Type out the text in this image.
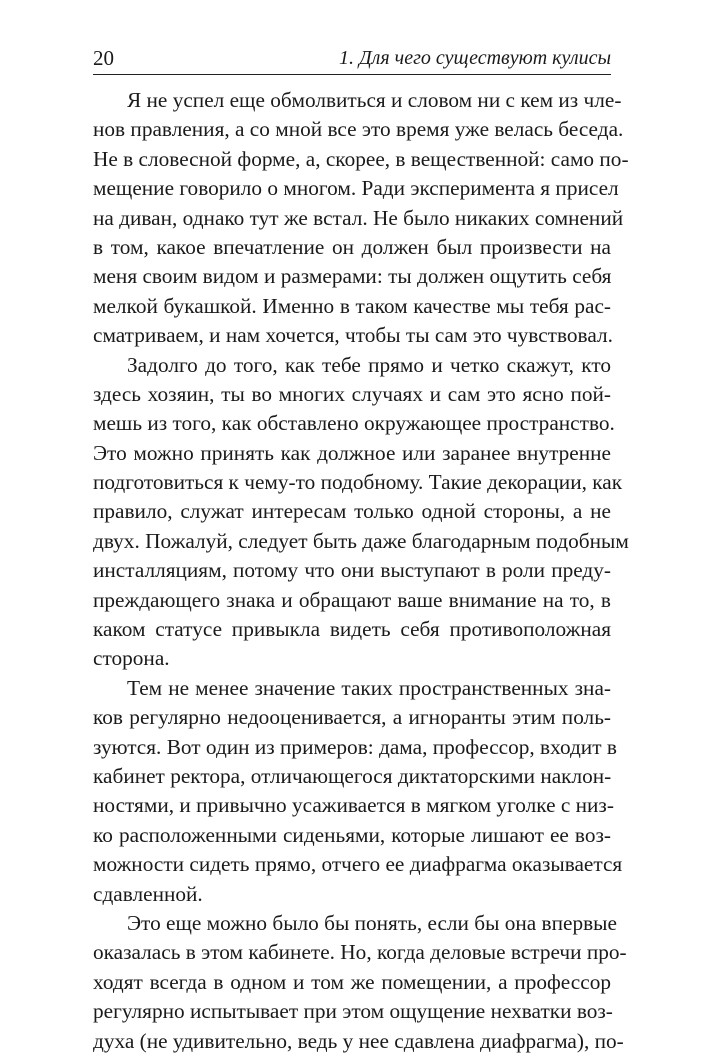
20	1. Для чего существуют кулисы
Я не успел еще обмолвиться и словом ни с кем из чле-
нов правления, а со мной все это время уже велась беседа.
Не в словесной форме, а, скорее, в вещественной: само по-
мещение говорило о многом. Ради эксперимента я присел
на диван, однако тут же встал. Не было никаких сомнений
в том, какое впечатление он должен был произвести на
меня своим видом и размерами: ты должен ощутить себя
мелкой букашкой. Именно в таком качестве мы тебя рас-
сматриваем, и нам хочется, чтобы ты сам это чувствовал.
Задолго до того, как тебе прямо и четко скажут, кто
здесь хозяин, ты во многих случаях и сам это ясно пой-
мешь из того, как обставлено окружающее пространство.
Это можно принять как должное или заранее внутренне
подготовиться к чему-то подобному. Такие декорации, как
правило, служат интересам только одной стороны, а не
двух. Пожалуй, следует быть даже благодарным подобным
инсталляциям, потому что они выступают в роли преду-
преждающего знака и обращают ваше внимание на то, в
каком статусе привыкла видеть себя противоположная
сторона.
Тем не менее значение таких пространственных зна-
ков регулярно недооценивается, а игноранты этим поль-
зуются. Вот один из примеров: дама, профессор, входит в
кабинет ректора, отличающегося диктаторскими наклон-
ностями, и привычно усаживается в мягком уголке с низ-
ко расположенными сиденьями, которые лишают ее воз-
можности сидеть прямо, отчего ее диафрагма оказывается
сдавленной.
Это еще можно было бы понять, если бы она впервые
оказалась в этом кабинете. Но, когда деловые встречи про-
ходят всегда в одном и том же помещении, а профессор
регулярно испытывает при этом ощущение нехватки воз-
духа (не удивительно, ведь у нее сдавлена диафрагма), по-
